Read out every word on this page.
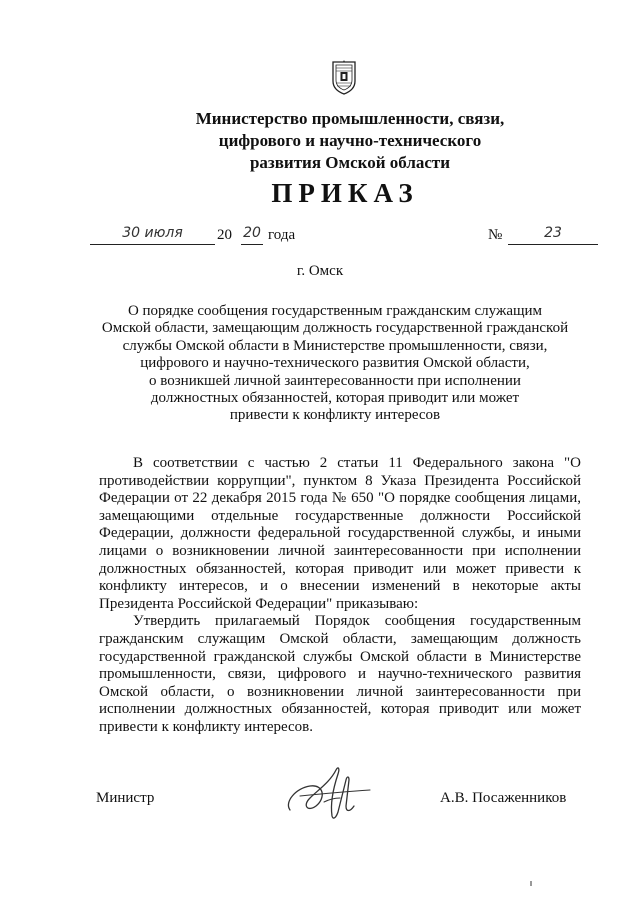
Министерство промышленности, связи,
цифрового и научно-технического
развития Омской области
ПРИКАЗ
30 июля	20 20 года	№	23
г. Омск
О порядке сообщения государственным гражданским служащим
Омской области, замещающим должность государственной гражданской
службы Омской области в Министерстве промышленности, связи,
цифрового и научно-технического развития Омской области,
о возникшей личной заинтересованности при исполнении
должностных обязанностей, которая приводит или может
привести к конфликту интересов

В соответствии с частью 2 статьи 11 Федерального закона "О противодействии коррупции", пунктом 8 Указа Президента Российской Федерации от 22 декабря 2015 года № 650 "О порядке сообщения лицами, замещающими отдельные государственные должности Российской Федерации, должности федеральной государственной службы, и иными лицами о возникновении личной заинтересованности при исполнении должностных обязанностей, которая приводит или может привести к конфликту интересов, и о внесении изменений в некоторые акты Президента Российской Федерации" приказываю:

Утвердить прилагаемый Порядок сообщения государственным гражданским служащим Омской области, замещающим должность государственной гражданской службы Омской области в Министерстве промышленности, связи, цифрового и научно-технического развития Омской области, о возникновении личной заинтересованности при исполнении должностных обязанностей, которая приводит или может привести к конфликту интересов.

Министр	А.В. Посаженников
